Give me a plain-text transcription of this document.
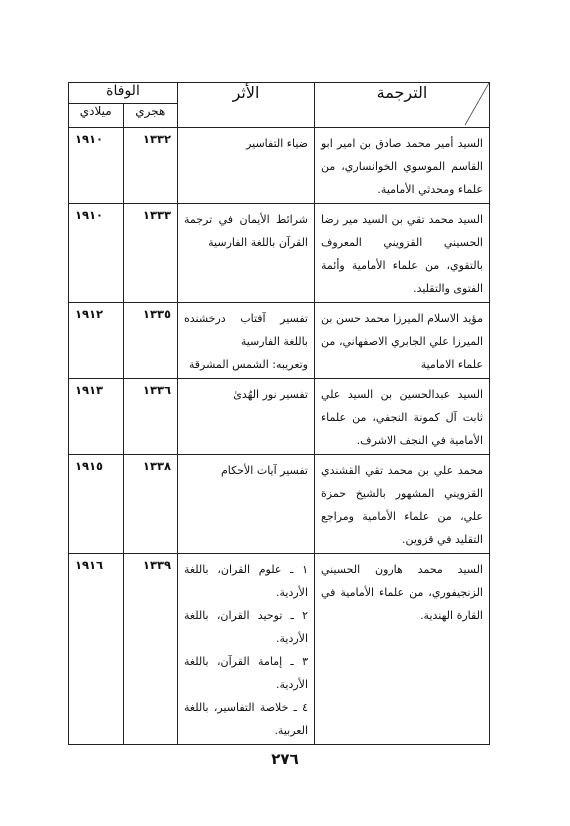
الترجمة	الأثر	الوفاة	
		هجري	ميلادي

السيد أمير محمد صادق بن امير ابو القاسم الموسوي الخوانساري، من علماء ومحدثي الأمامية.	ضياء التفاسير	١٣٣٢	١٩١٠

السيد محمد تقي بن السيد مير رضا الحسيني القزويني المعروف بالتقوي، من علماء الأمامية وأئمة الفتوى والتقليد.	شرائط الأيمان في ترجمة القرآن باللغة الفارسية	١٣٣٣	١٩١٠

مؤيد الاسلام الميرزا محمد حسن بن الميرزا علي الجابري الاصفهاني، من علماء الامامية	تفسير آفتاب درخشنده باللغة الفارسية
وتعريبه: الشمس المشرقة	١٣٣٥	١٩١٢

السيد عبدالحسين بن السيد علي ثابت آل كمونة النجفي، من علماء الأمامية في النجف الاشرف.	تفسير نور الهُدىٰ	١٣٣٦	١٩١٣

محمد علي بن محمد تقي القشندي القزويني المشهور بالشيخ حمزة علي، من علماء الأمامية ومراجع التقليد في قزوين.	تفسير آيات الأحكام	١٣٣٨	١٩١٥

السيد محمد هارون الحسيني الزنجيفوري، من علماء الأمامية في القارة الهندية.	١ ـ علوم القران، باللغة الأردية.
٢ ـ توحيد القران، باللغة الأردية.
٣ ـ إمامة القرآن، باللغة الأردية.
٤ ـ خلاصة التفاسير، باللغة العربية.	١٣٣٩	١٩١٦
٢٧٦
